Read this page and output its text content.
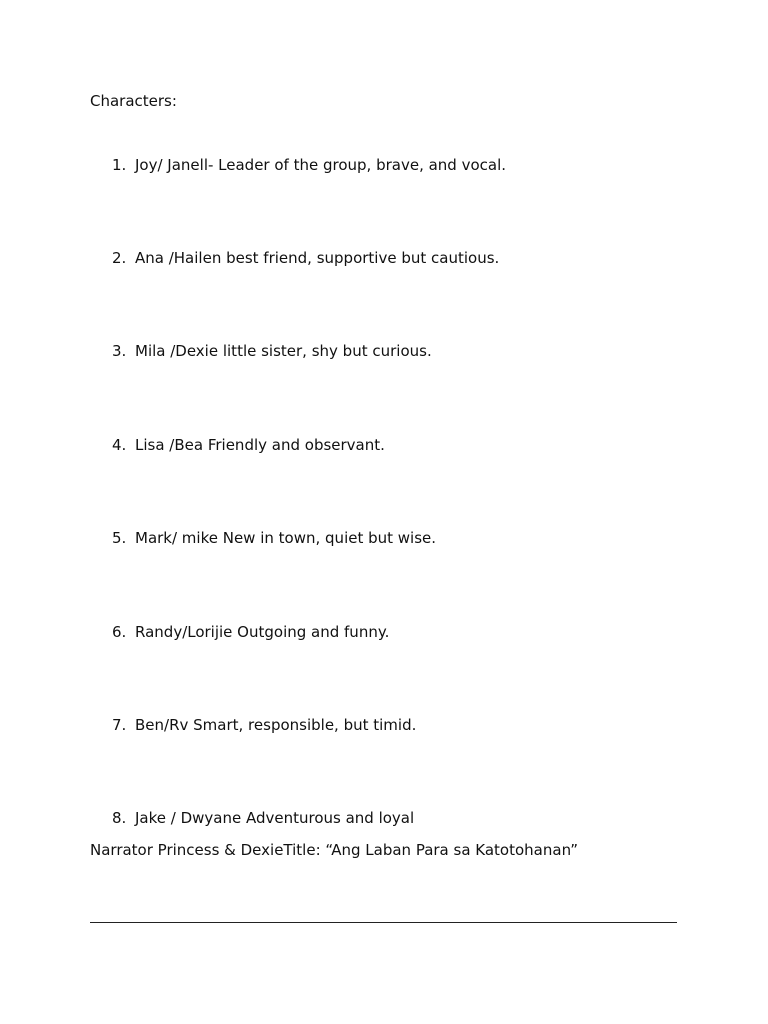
Characters:

1. Joy/ Janell- Leader of the group, brave, and vocal.
2. Ana /Hailen best friend, supportive but cautious.
3. Mila /Dexie little sister, shy but curious.
4. Lisa /Bea Friendly and observant.
5. Mark/ mike New in town, quiet but wise.
6. Randy/Lorijie Outgoing and funny.
7. Ben/Rv Smart, responsible, but timid.
8. Jake / Dwyane Adventurous and loyal
Narrator Princess & DexieTitle: “Ang Laban Para sa Katotohanan”
